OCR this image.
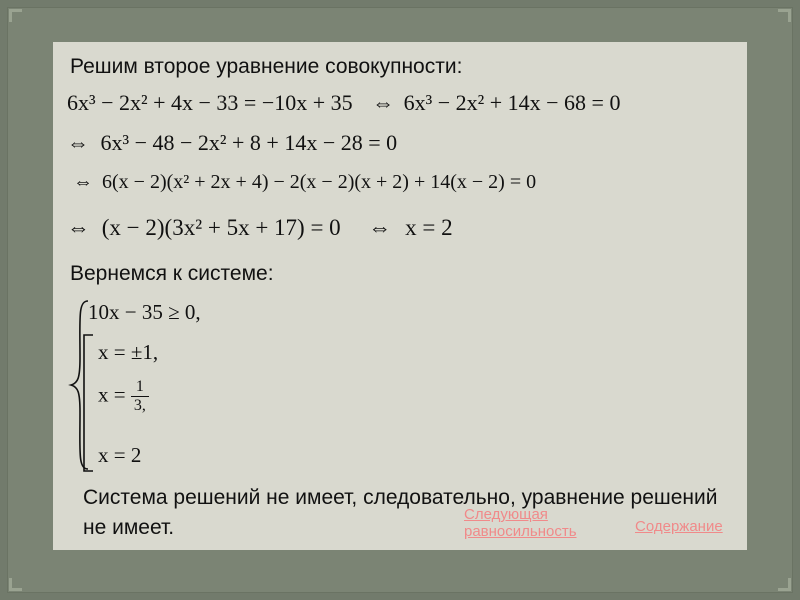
Решим второе уравнение совокупности:
6x³ − 2x² + 4x − 33 = −10x + 35 ⇔ 6x³ − 2x² + 14x − 68 = 0
⇔ 6x³ − 48 − 2x² + 8 + 14x − 28 = 0
⇔ 6(x − 2)(x² + 2x + 4) − 2(x − 2)(x + 2) + 14(x − 2) = 0
⇔ (x − 2)(3x² + 5x + 17) = 0 ⇔ x = 2
Вернемся к системе:
10x − 35 ≥ 0,
x = ±1,
$x = \frac{1}{3,}$
x = 2
Система решений не имеет, следовательно, уравнение решений не имеет.
Следующая равносильность	Содержание
